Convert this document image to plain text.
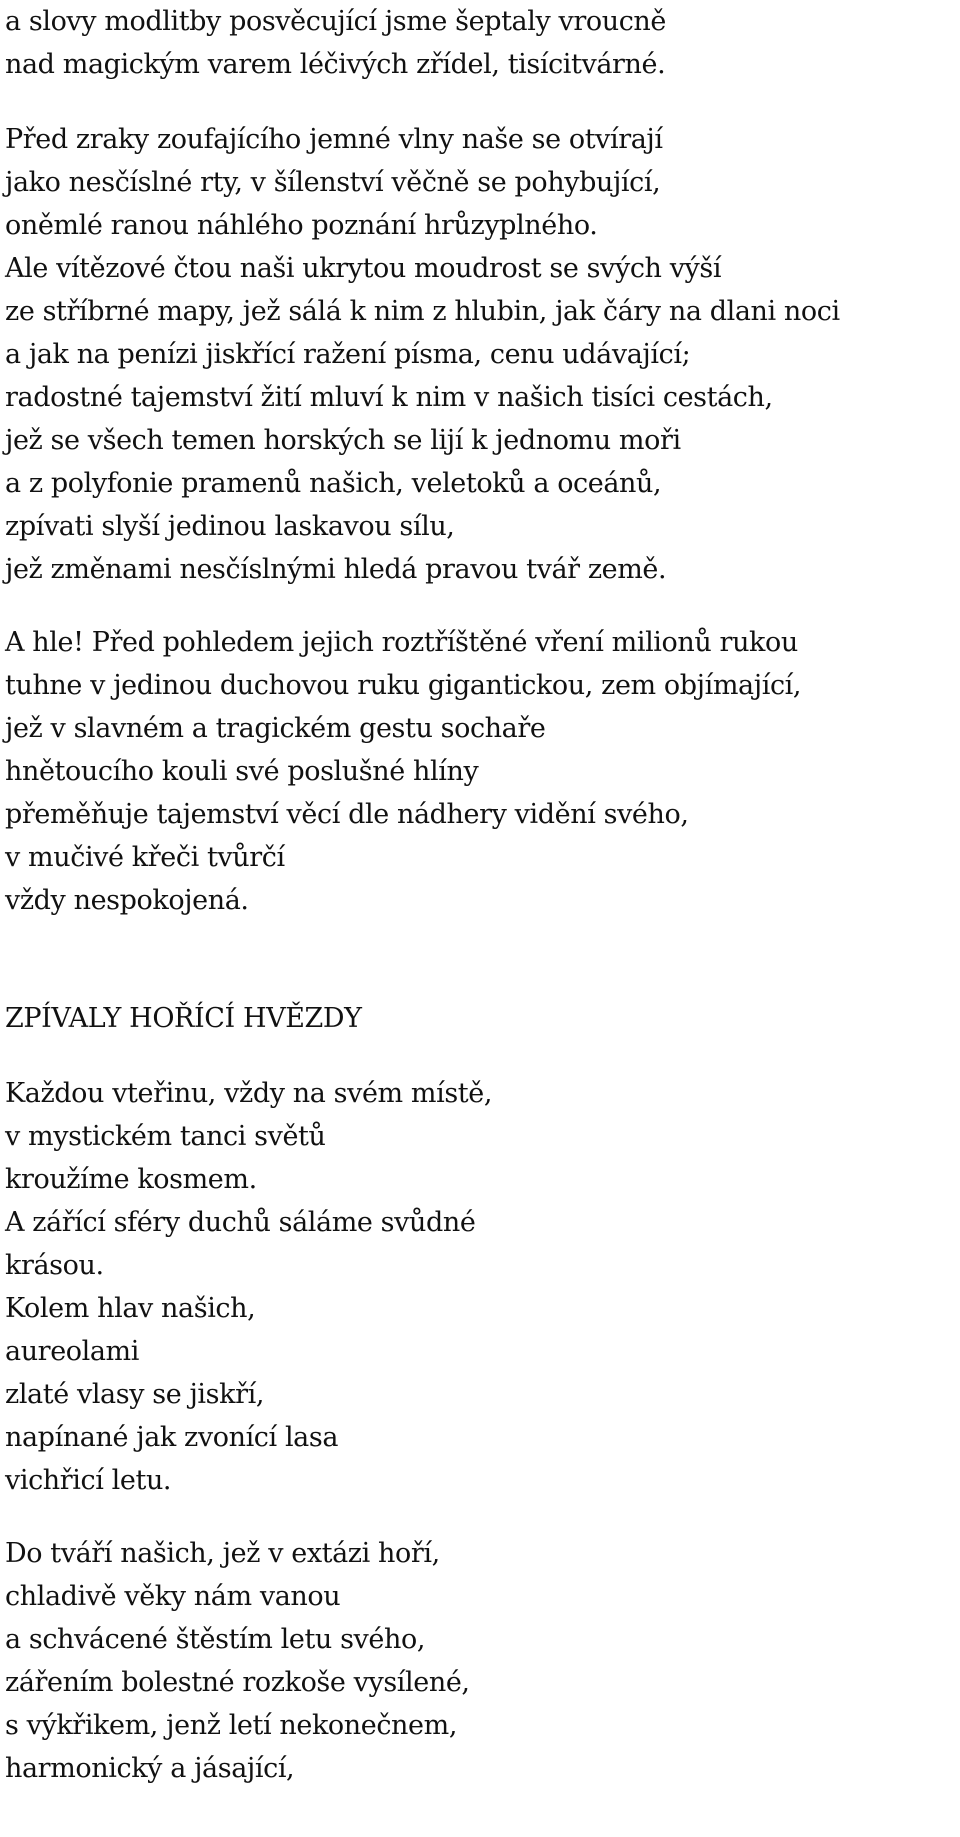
a slovy modlitby posvěcující jsme šeptaly vroucně
nad magickým varem léčivých zřídel, tisícitvárné.
Před zraky zoufajícího jemné vlny naše se otvírají
jako nesčíslné rty, v šílenství věčně se pohybující,
oněmlé ranou náhlého poznání hrůzyplného.
Ale vítězové čtou naši ukrytou moudrost se svých výší
ze stříbrné mapy, jež sálá k nim z hlubin, jak čáry na dlani noci
a jak na penízi jiskřící ražení písma, cenu udávající;
radostné tajemství žití mluví k nim v našich tisíci cestách,
jež se všech temen horských se lijí k jednomu moři
a z polyfonie pramenů našich, veletoků a oceánů,
zpívati slyší jedinou laskavou sílu,
jež změnami nesčíslnými hledá pravou tvář země.
A hle! Před pohledem jejich roztříštěné vření milionů rukou
tuhne v jedinou duchovou ruku gigantickou, zem objímající,
jež v slavném a tragickém gestu sochaře
hnětoucího kouli své poslušné hlíny
přeměňuje tajemství věcí dle nádhery vidění svého,
v mučivé křeči tvůrčí
vždy nespokojená.
ZPÍVALY HOŘÍCÍ HVĚZDY
Každou vteřinu, vždy na svém místě,
v mystickém tanci světů
kroužíme kosmem.
A zářící sféry duchů sáláme svůdné
krásou.
Kolem hlav našich,
aureolami
zlaté vlasy se jiskří,
napínané jak zvonící lasa
vichřicí letu.
Do tváří našich, jež v extázi hoří,
chladivě věky nám vanou
a schvácené štěstím letu svého,
zářením bolestné rozkoše vysílené,
s výkřikem, jenž letí nekonečnem,
harmonický a jásající,
